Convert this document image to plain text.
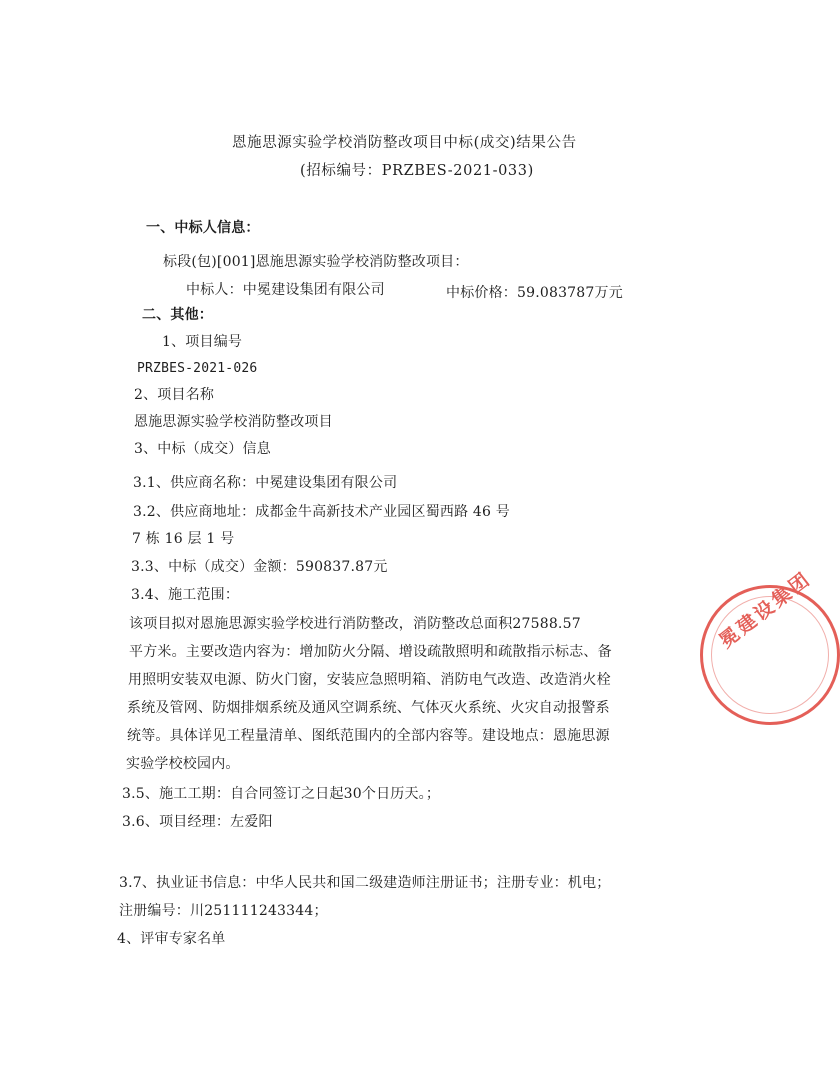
恩施思源实验学校消防整改项目中标(成交)结果公告
(招标编号：PRZBES-2021-033)
一、中标人信息：
标段(包)[001]恩施思源实验学校消防整改项目：
中标人：中冕建设集团有限公司	中标价格：59.083787万元
二、其他：
1、项目编号
PRZBES-2021-026
2、项目名称
恩施思源实验学校消防整改项目
3、中标（成交）信息
3.1、供应商名称：中冕建设集团有限公司
3.2、供应商地址：成都金牛高新技术产业园区蜀西路 46 号
7 栋 16 层 1 号
3.3、中标（成交）金额：590837.87元
3.4、施工范围：
该项目拟对恩施思源实验学校进行消防整改，消防整改总面积27588.57
平方米。主要改造内容为：增加防火分隔、增设疏散照明和疏散指示标志、备
用照明安装双电源、防火门窗，安装应急照明箱、消防电气改造、改造消火栓
系统及管网、防烟排烟系统及通风空调系统、气体灭火系统、火灾自动报警系
统等。具体详见工程量清单、图纸范围内的全部内容等。建设地点：恩施思源
实验学校校园内。
3.5、施工工期：自合同签订之日起30个日历天。；
3.6、项目经理：左爱阳
3.7、执业证书信息：中华人民共和国二级建造师注册证书；注册专业：机电；
注册编号：川251111243344；
4、评审专家名单
冕建设集团
